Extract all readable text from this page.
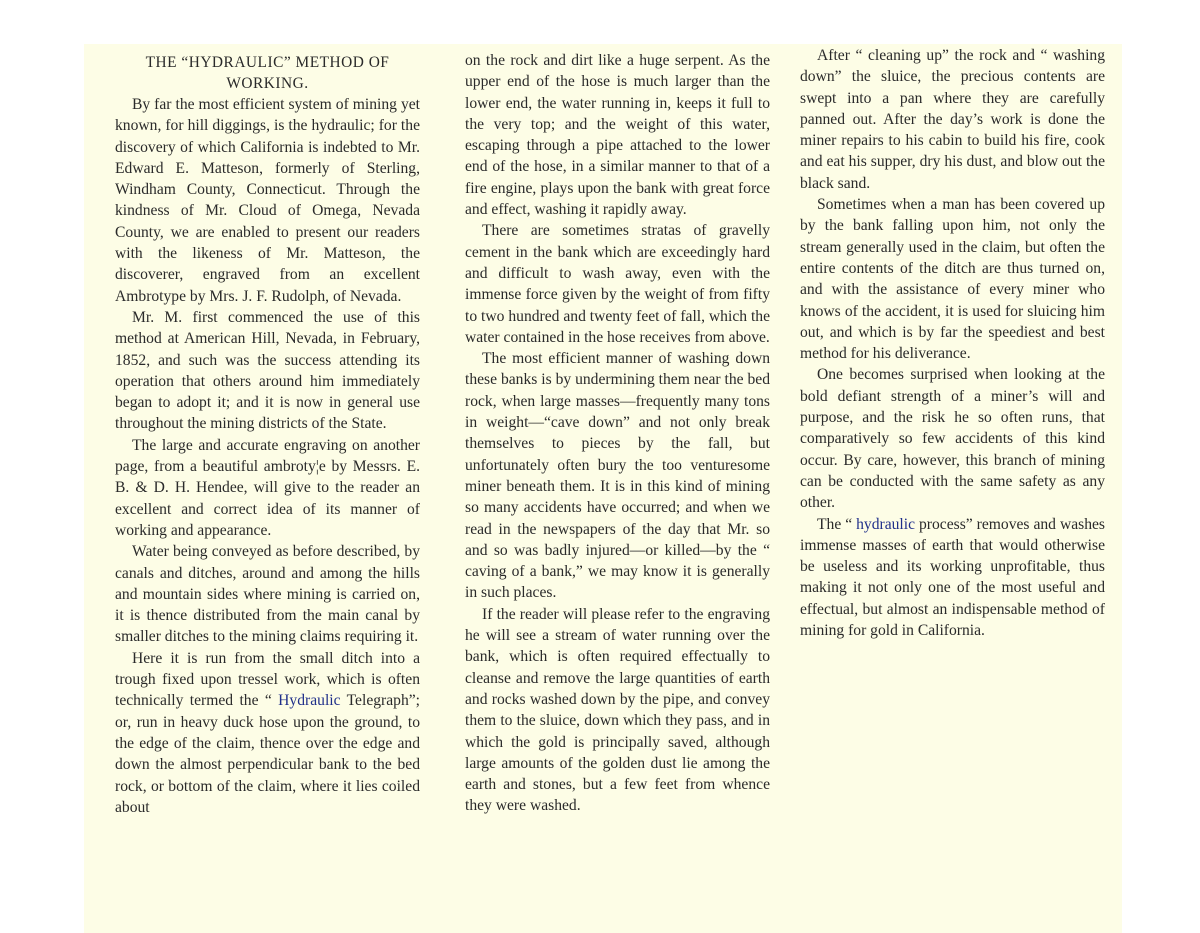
THE “HYDRAULIC” METHOD OF
WORKING.

By far the most efficient system of mining yet known, for hill diggings, is the hydraulic; for the discovery of which California is indebted to Mr. Edward E. Matteson, formerly of Sterling, Windham County, Connecticut. Through the kindness of Mr. Cloud of Omega, Nevada County, we are enabled to present our readers with the likeness of Mr. Matteson, the discoverer, engraved from an excellent Ambrotype by Mrs. J. F. Rudolph, of Nevada.

Mr. M. first commenced the use of this method at American Hill, Nevada, in February, 1852, and such was the success attending its operation that others around him immediately began to adopt it; and it is now in general use throughout the mining districts of the State.

The large and accurate engraving on another page, from a beautiful ambroty¦e by Messrs. E. B. & D. H. Hendee, will give to the reader an excellent and correct idea of its manner of working and appearance.

Water being conveyed as before described, by canals and ditches, around and among the hills and mountain sides where mining is carried on, it is thence distributed from the main canal by smaller ditches to the mining claims requiring it.

Here it is run from the small ditch into a trough fixed upon tressel work, which is often technically termed the “ Hydraulic Telegraph”; or, run in heavy duck hose upon the ground, to the edge of the claim, thence over the edge and down the almost perpendicular bank to the bed rock, or bottom of the claim, where it lies coiled about

on the rock and dirt like a huge serpent. As the upper end of the hose is much larger than the lower end, the water running in, keeps it full to the very top; and the weight of this water, escaping through a pipe attached to the lower end of the hose, in a similar manner to that of a fire engine, plays upon the bank with great force and effect, washing it rapidly away.

There are sometimes stratas of gravelly cement in the bank which are exceedingly hard and difficult to wash away, even with the immense force given by the weight of from fifty to two hundred and twenty feet of fall, which the water contained in the hose receives from above.

The most efficient manner of washing down these banks is by undermining them near the bed rock, when large masses—frequently many tons in weight—“cave down” and not only break themselves to pieces by the fall, but unfortunately often bury the too venturesome miner beneath them. It is in this kind of mining so many accidents have occurred; and when we read in the newspapers of the day that Mr. so and so was badly injured—or killed—by the “ caving of a bank,” we may know it is generally in such places.

If the reader will please refer to the engraving he will see a stream of water running over the bank, which is often required effectually to cleanse and remove the large quantities of earth and rocks washed down by the pipe, and convey them to the sluice, down which they pass, and in which the gold is principally saved, although large amounts of the golden dust lie among the earth and stones, but a few feet from whence they were washed.

After “ cleaning up” the rock and “ washing down” the sluice, the precious contents are swept into a pan where they are carefully panned out. After the day’s work is done the miner repairs to his cabin to build his fire, cook and eat his supper, dry his dust, and blow out the black sand.

Sometimes when a man has been covered up by the bank falling upon him, not only the stream generally used in the claim, but often the entire contents of the ditch are thus turned on, and with the assistance of every miner who knows of the accident, it is used for sluicing him out, and which is by far the speediest and best method for his deliverance.

One becomes surprised when looking at the bold defiant strength of a miner’s will and purpose, and the risk he so often runs, that comparatively so few accidents of this kind occur. By care, however, this branch of mining can be conducted with the same safety as any other.

The “ hydraulic process” removes and washes immense masses of earth that would otherwise be useless and its working unprofitable, thus making it not only one of the most useful and effectual, but almost an indispensable method of mining for gold in California.
